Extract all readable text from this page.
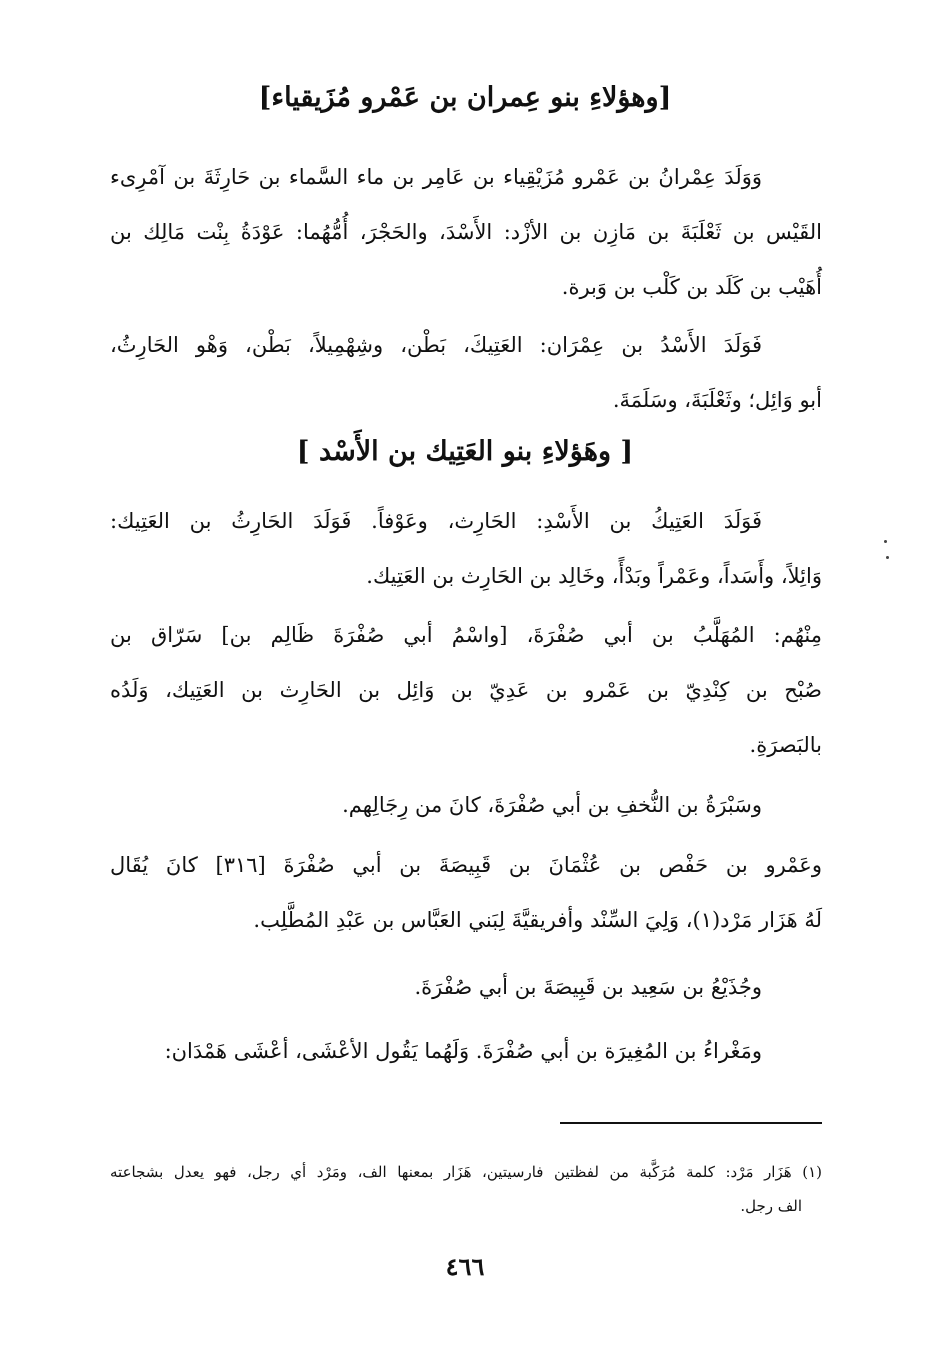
[وهؤلاءِ بنو عِمران بن عَمْرو مُزَيقياء]
وَوَلَدَ عِمْرانُ بن عَمْرو مُزَيْقِياء بن عَامِر بن ماء السَّماء بن حَارِثَةَ بن آمْرِىء
القَيْس بن ثَعْلَبَةَ بن مَازِن بن الأزْد: الأَسْدَ، والحَجْرَ، أُمُّهُما: عَوْدَةُ بِنْت مَالِك بن
أُهَيْب بن كَلَد بن كَلْب بن وَبرة.
فَوَلَدَ الأَسْدُ بن عِمْرَان: العَتِيكَ، بَطْن، وشِهْمِيلاً، بَطْن، وَهْو الحَارِثُ،
أبو وَائِل؛ وثَعْلَبَةَ، وسَلَمَةَ.
[ وهَؤلاءِ بنو العَتِيك بن الأَسْد ]
فَوَلَدَ العَتِيكُ بن الأَسْدِ: الحَارِث، وعَوْفاً. فَوَلَدَ الحَارِثُ بن العَتِيك:
وَائِلاً، وأَسَداً، وعَمْراً وبَدْأً، وخَالِد بن الحَارِث بن العَتِيك.
مِنْهُم: المُهَلَّبُ بن أبي صُفْرَةَ، [واسْمُ أبي صُفْرَةَ ظَالِم بن] سَرّاق بن
صُبْح بن كِنْدِيّ بن عَمْرو بن عَدِيّ بن وَائِل بن الحَارِث بن العَتِيك، وَلَدُه
بالبَصرَةِ.
وسَبْرَةُ بن النُّخفِ بن أبي صُفْرَةَ، كانَ من رِجَالِهم.
وعَمْرو بن حَفْص بن عُثْمَانَ بن قَبِيصَةَ بن أبي صُفْرَةَ [٣١٦] كانَ يُقَال
لَهُ هَزَار مَرْد(١)، وَلِيَ السِّنْد وأفريقيَّةَ لِبَني العَبَّاس بن عَبْدِ المُطَّلِب.
وجُذَيْعُ بن سَعِيد بن قَبِيصَةَ بن أبي صُفْرَةَ.
ومَغْراءُ بن المُغِيرَة بن أبي صُفْرَةَ. وَلَهُما يَقُول الأعْشَى، أعْشَى هَمْدَان:
(١) هَزَار مَرْد: كلمة مُرَكَّبة من لفظتين فارسيتين، هَزَار بمعنها الف، ومَرْد أي رجل، فهو يعدل بشجاعته
الف رجل.
٤٦٦
